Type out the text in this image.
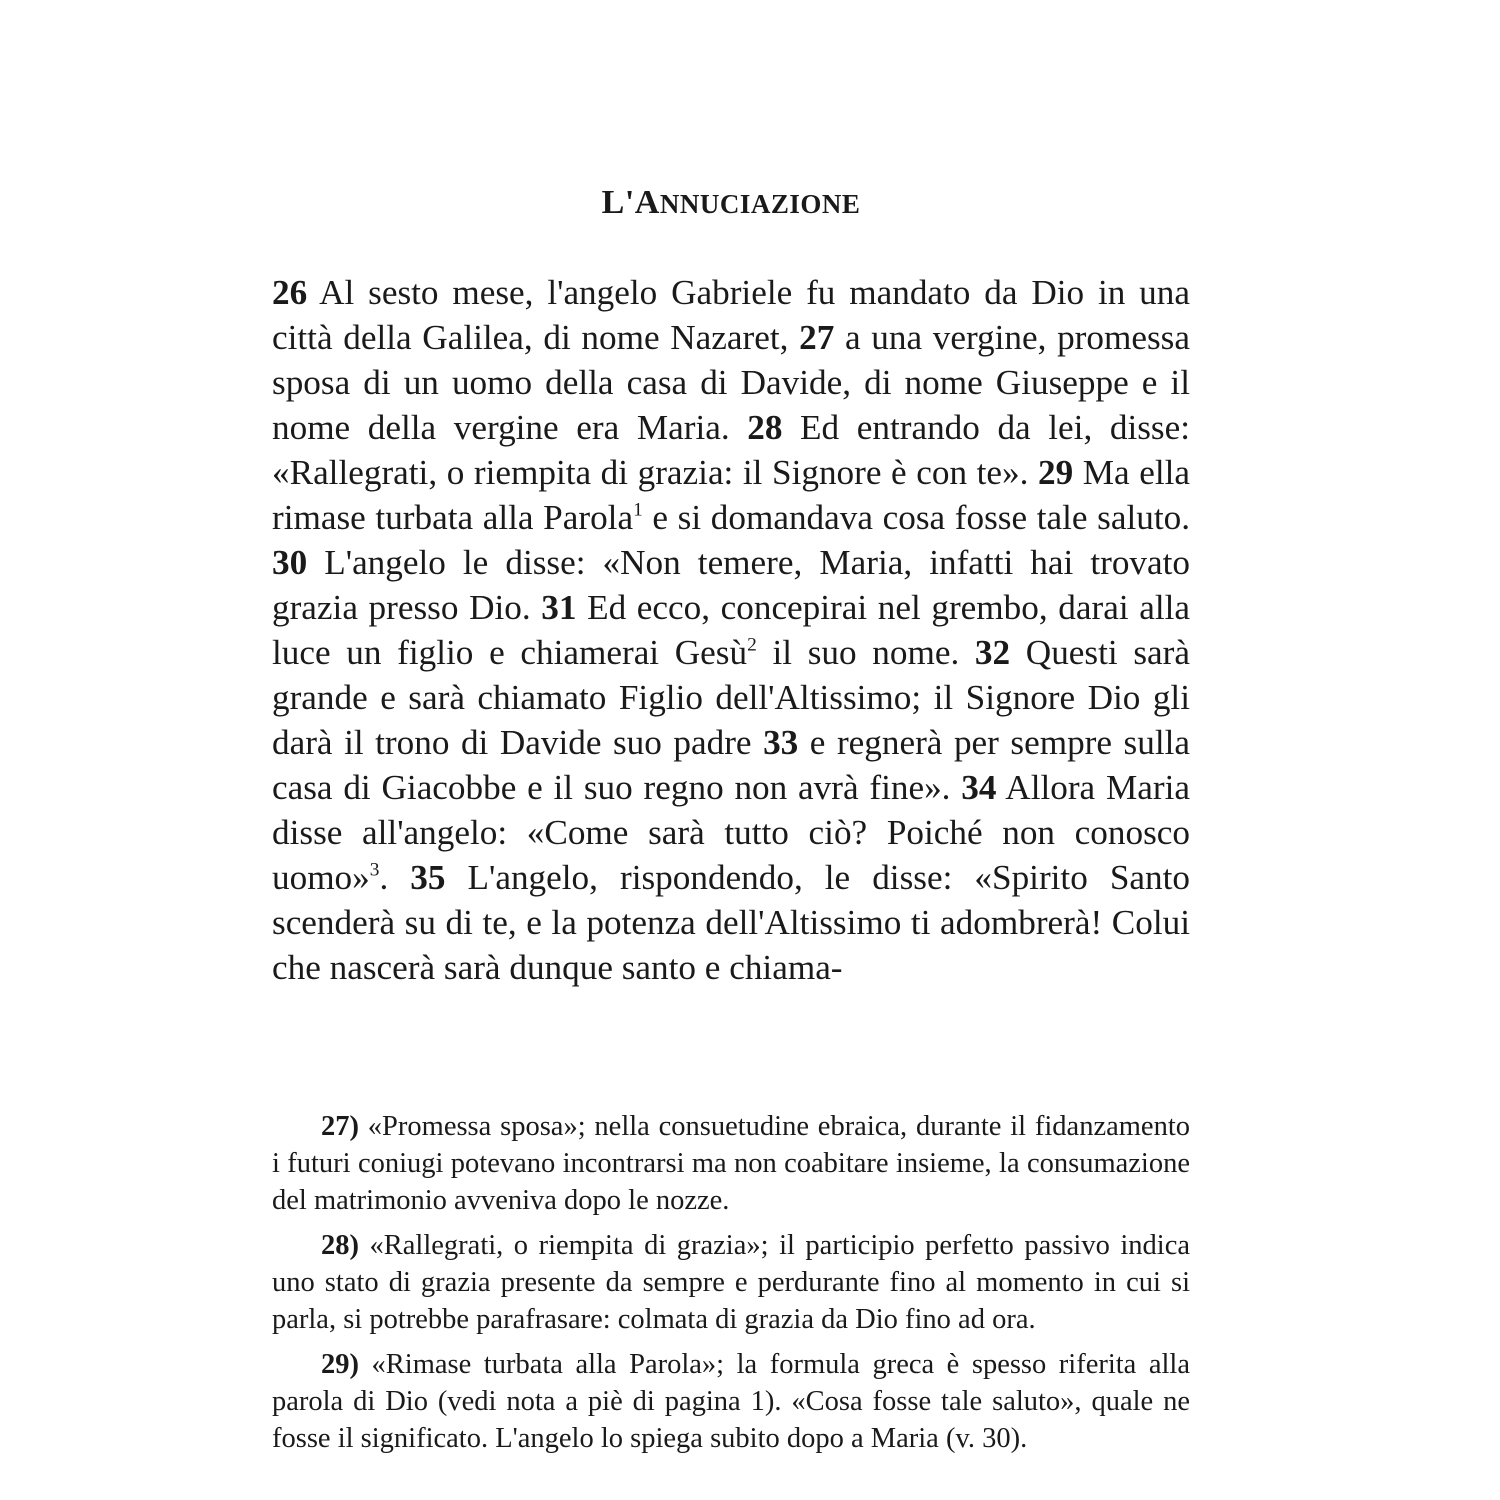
L'ANNUCIAZIONE

26 Al sesto mese, l'angelo Gabriele fu mandato da Dio in una città della Galilea, di nome Nazaret, 27 a una vergine, promessa sposa di un uomo della casa di Davide, di nome Giuseppe e il nome della vergine era Maria. 28 Ed entrando da lei, disse: «Rallegrati, o riempita di grazia: il Signore è con te». 29 Ma ella rimase turbata alla Parola$^1$ e si domandava cosa fosse tale saluto. 30 L'angelo le disse: «Non temere, Maria, infatti hai trovato grazia presso Dio. 31 Ed ecco, concepirai nel grembo, darai alla luce un figlio e chiamerai Gesù$^2$ il suo nome. 32 Questi sarà grande e sarà chiamato Figlio dell'Altissimo; il Signore Dio gli darà il trono di Davide suo padre 33 e regnerà per sempre sulla casa di Giacobbe e il suo regno non avrà fine». 34 Allora Maria disse all'angelo: «Come sarà tutto ciò? Poiché non conosco uomo»$^3$. 35 L'angelo, rispondendo, le disse: «Spirito Santo scenderà su di te, e la potenza dell'Altissimo ti adombrerà! Colui che nascerà sarà dunque santo e chiama-

27) «Promessa sposa»; nella consuetudine ebraica, durante il fidanzamento i futuri coniugi potevano incontrarsi ma non coabitare insieme, la consumazione del matrimonio avveniva dopo le nozze.

28) «Rallegrati, o riempita di grazia»; il participio perfetto passivo indica uno stato di grazia presente da sempre e perdurante fino al momento in cui si parla, si potrebbe parafrasare: colmata di grazia da Dio fino ad ora.

29) «Rimase turbata alla Parola»; la formula greca è spesso riferita alla parola di Dio (vedi nota a piè di pagina 1). «Cosa fosse tale saluto», quale ne fosse il significato. L'angelo lo spiega subito dopo a Maria (v. 30).
